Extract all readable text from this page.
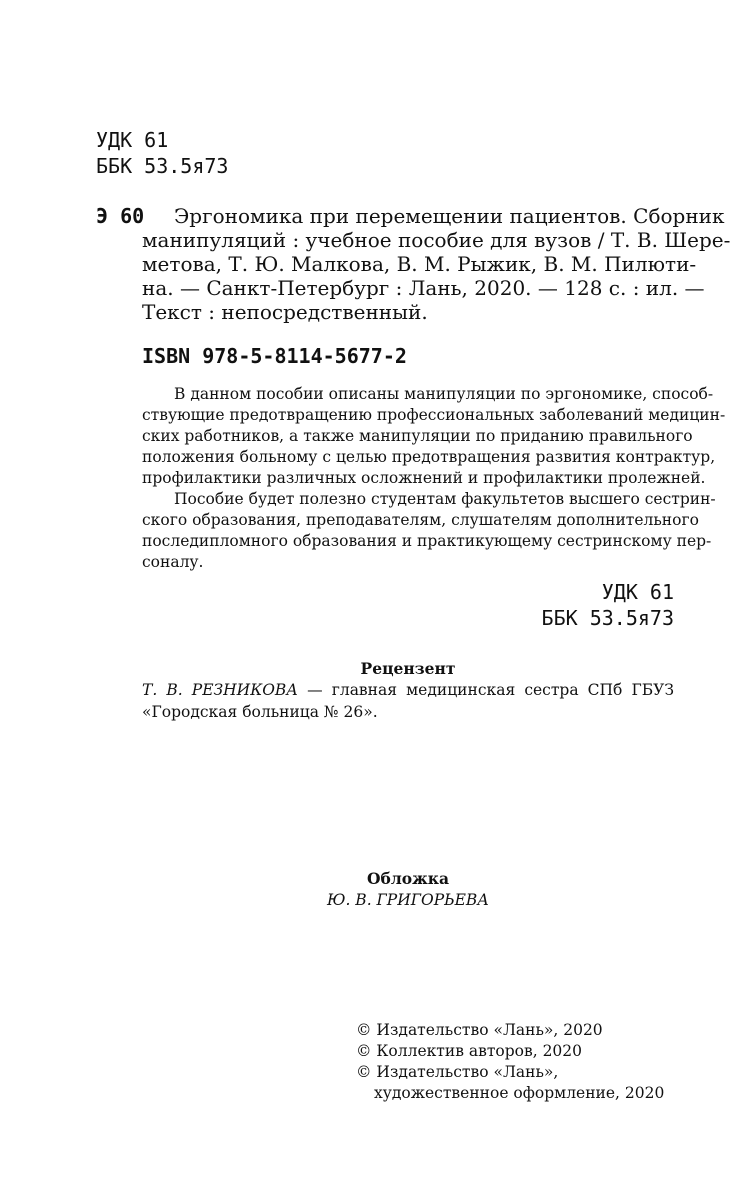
УДК 61
ББК 53.5я73
Э 60	Эргономика при перемещении пациентов. Сборник
манипуляций : учебное пособие для вузов / Т. В. Шере-
метова, Т. Ю. Малкова, В. М. Рыжик, В. М. Пилюти-
на. — Санкт-Петербург : Лань, 2020. — 128 с. : ил. —
Текст : непосредственный.
ISBN 978-5-8114-5677-2
В данном пособии описаны манипуляции по эргономике, способ-
ствующие предотвращению профессиональных заболеваний медицин-
ских работников, а также манипуляции по приданию правильного
положения больному с целью предотвращения развития контрактур,
профилактики различных осложнений и профилактики пролежней.
Пособие будет полезно студентам факультетов высшего сестрин-
ского образования, преподавателям, слушателям дополнительного
последипломного образования и практикующему сестринскому пер-
соналу.
УДК 61
ББК 53.5я73
Рецензент
Т. В. РЕЗНИКОВА — главная медицинская сестра СПб ГБУЗ
«Городская больница № 26».
Обложка
Ю. В. ГРИГОРЬЕВА
© Издательство «Лань», 2020
© Коллектив авторов, 2020
© Издательство «Лань»,
художественное оформление, 2020
